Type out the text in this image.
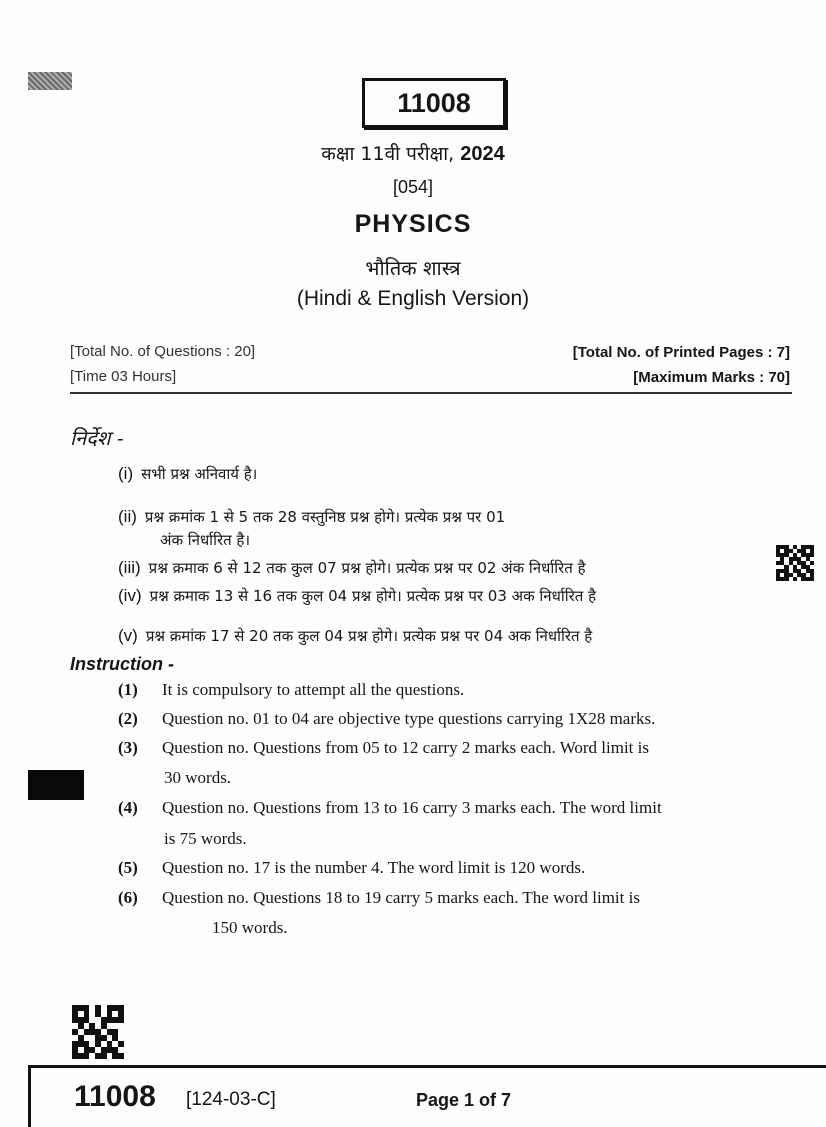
11008
कक्षा 11वी परीक्षा, 2024
[054]
PHYSICS
भौतिक शास्त्र
(Hindi & English Version)
[Total No. of Questions : 20]
[Time 03 Hours]
[Total No. of Printed Pages : 7]
[Maximum Marks : 70]
निर्देश -
(i) सभी प्रश्न अनिवार्य है।
(ii) प्रश्न क्रमांक 1 से 5 तक 28 वस्तुनिष्ठ प्रश्न होगे। प्रत्येक प्रश्न पर 01
अंक निर्धारित है।
(iii) प्रश्न क्रमाक 6 से 12 तक कुल 07 प्रश्न होगे। प्रत्येक प्रश्न पर 02 अंक निर्धारित है
(iv) प्रश्न क्रमाक 13 से 16 तक कुल 04 प्रश्न होगे। प्रत्येक प्रश्न पर 03 अक निर्धारित है
(v) प्रश्न क्रमांक 17 से 20 तक कुल 04 प्रश्न होगे। प्रत्येक प्रश्न पर 04 अक निर्धारित है
Instruction -
(1) It is compulsory to attempt all the questions.
(2) Question no. 01 to 04 are objective type questions carrying 1X28 marks.
(3) Question no. Questions from 05 to 12 carry 2 marks each. Word limit is
30 words.
(4) Question no. Questions from 13 to 16 carry 3 marks each. The word limit
is 75 words.
(5) Question no. 17 is the number 4. The word limit is 120 words.
(6) Question no. Questions 18 to 19 carry 5 marks each. The word limit is
150 words.
11008 [124-03-C]	Page 1 of 7
